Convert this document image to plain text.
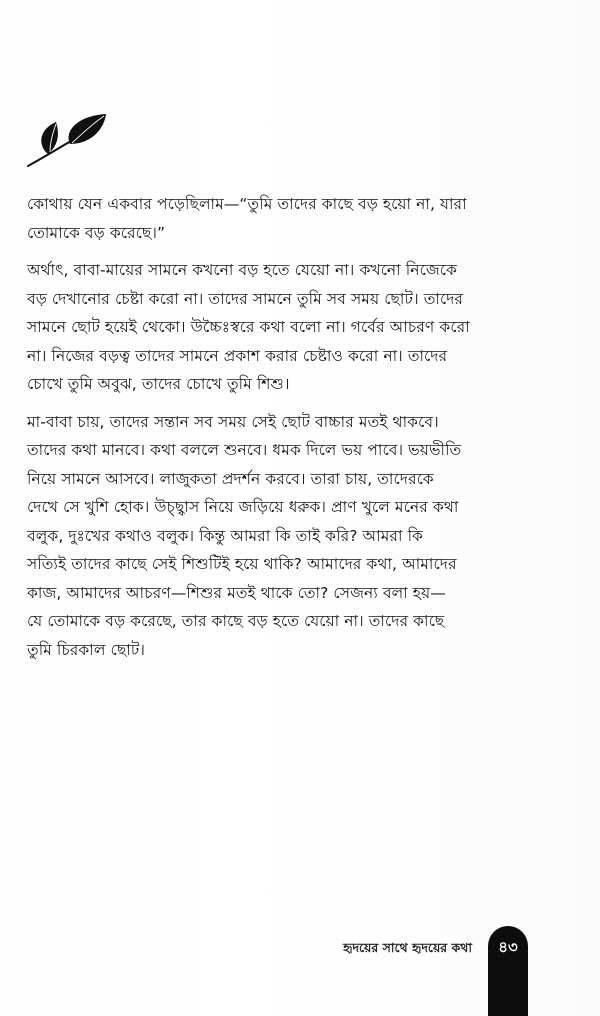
কোথায় যেন একবার পড়েছিলাম—“তুমি তাদের কাছে বড় হয়ো না, যারা
তোমাকে বড় করেছে।”

অর্থাৎ, বাবা-মায়ের সামনে কখনো বড় হতে যেয়ো না। কখনো নিজেকে
বড় দেখানোর চেষ্টা করো না। তাদের সামনে তুমি সব সময় ছোট। তাদের
সামনে ছোট হয়েই থেকো। উচ্চৈঃস্বরে কথা বলো না। গর্বের আচরণ করো
না। নিজের বড়ত্ব তাদের সামনে প্রকাশ করার চেষ্টাও করো না। তাদের
চোখে তুমি অবুঝ, তাদের চোখে তুমি শিশু।

মা-বাবা চায়, তাদের সন্তান সব সময় সেই ছোট বাচ্চার মতই থাকবে।
তাদের কথা মানবে। কথা বললে শুনবে। ধমক দিলে ভয় পাবে। ভয়ভীতি
নিয়ে সামনে আসবে। লাজুকতা প্রদর্শন করবে। তারা চায়, তাদেরকে
দেখে সে খুশি হোক। উচ্ছ্বাস নিয়ে জড়িয়ে ধরুক। প্রাণ খুলে মনের কথা
বলুক, দুঃখের কথাও বলুক। কিন্তু আমরা কি তাই করি? আমরা কি
সত্যিই তাদের কাছে সেই শিশুটিই হয়ে থাকি? আমাদের কথা, আমাদের
কাজ, আমাদের আচরণ—শিশুর মতই থাকে তো? সেজন্য বলা হয়—
যে তোমাকে বড় করেছে, তার কাছে বড় হতে যেয়ো না। তাদের কাছে
তুমি চিরকাল ছোট।

হৃদয়ের সাথে হৃদয়ের কথা	৪৩
